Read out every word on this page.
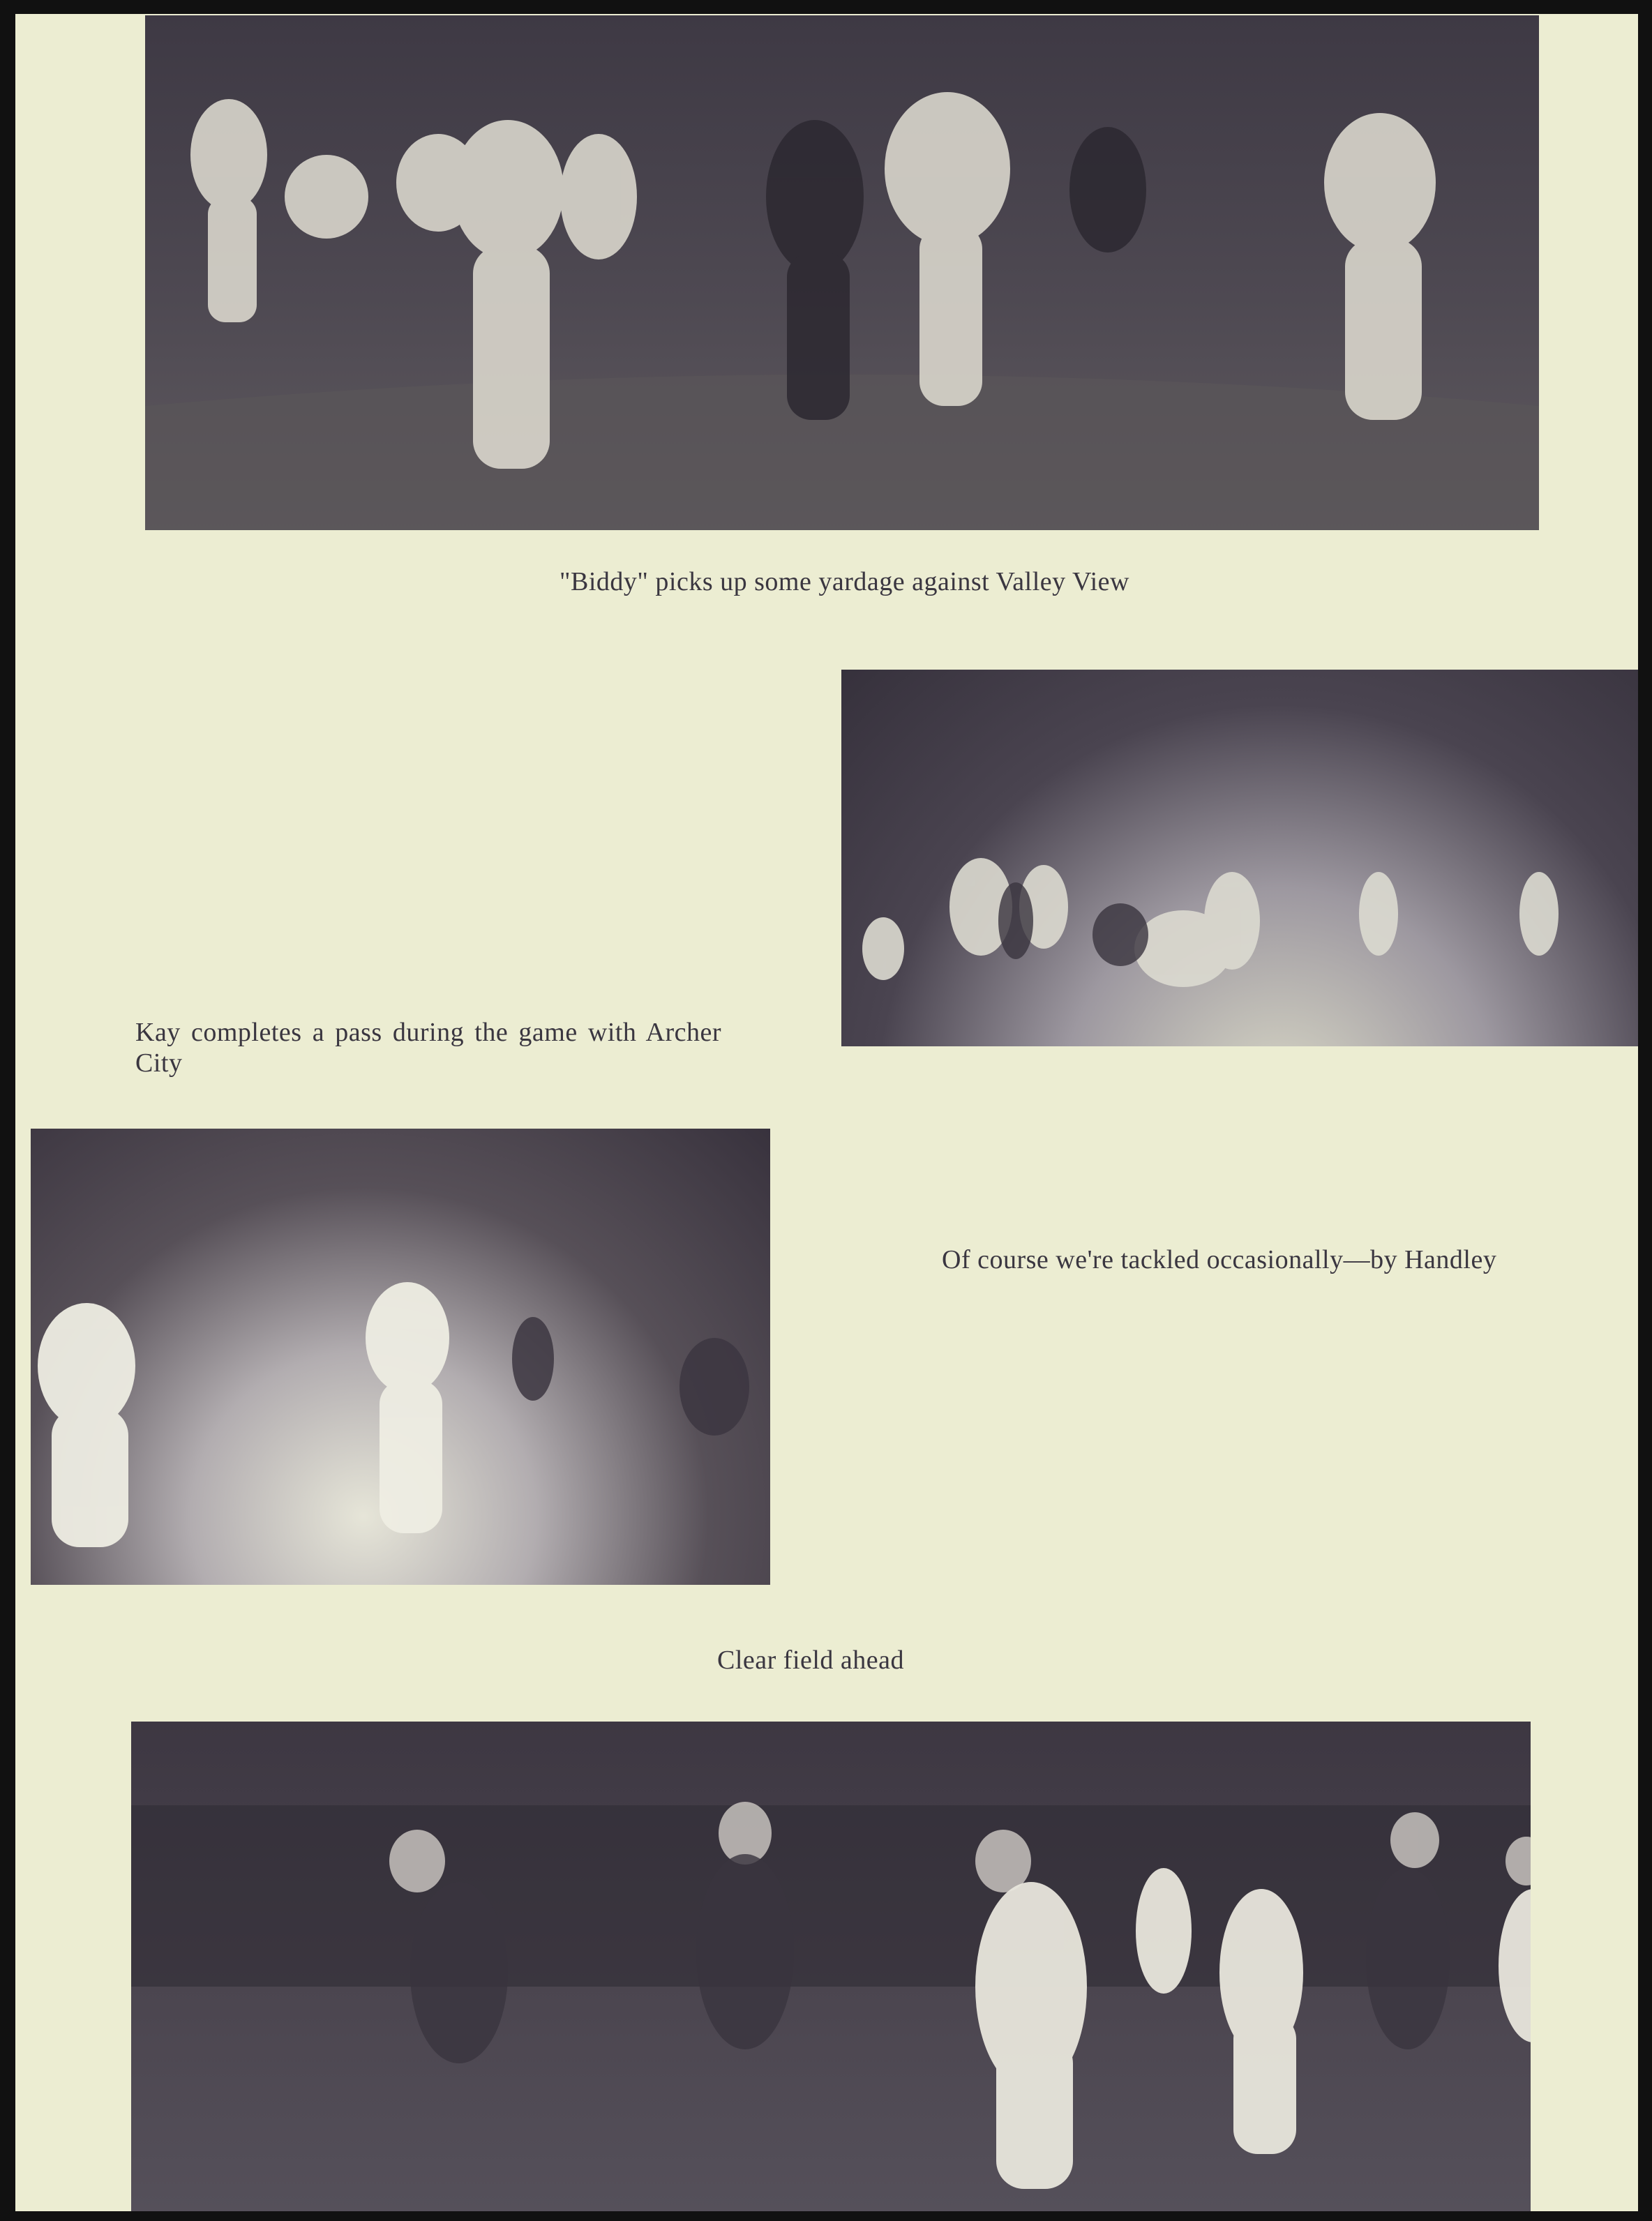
"Biddy" picks up some yardage against Valley View

Kay completes a pass during the game with Archer City

Of course we're tackled occasionally—by Handley

Clear field ahead
